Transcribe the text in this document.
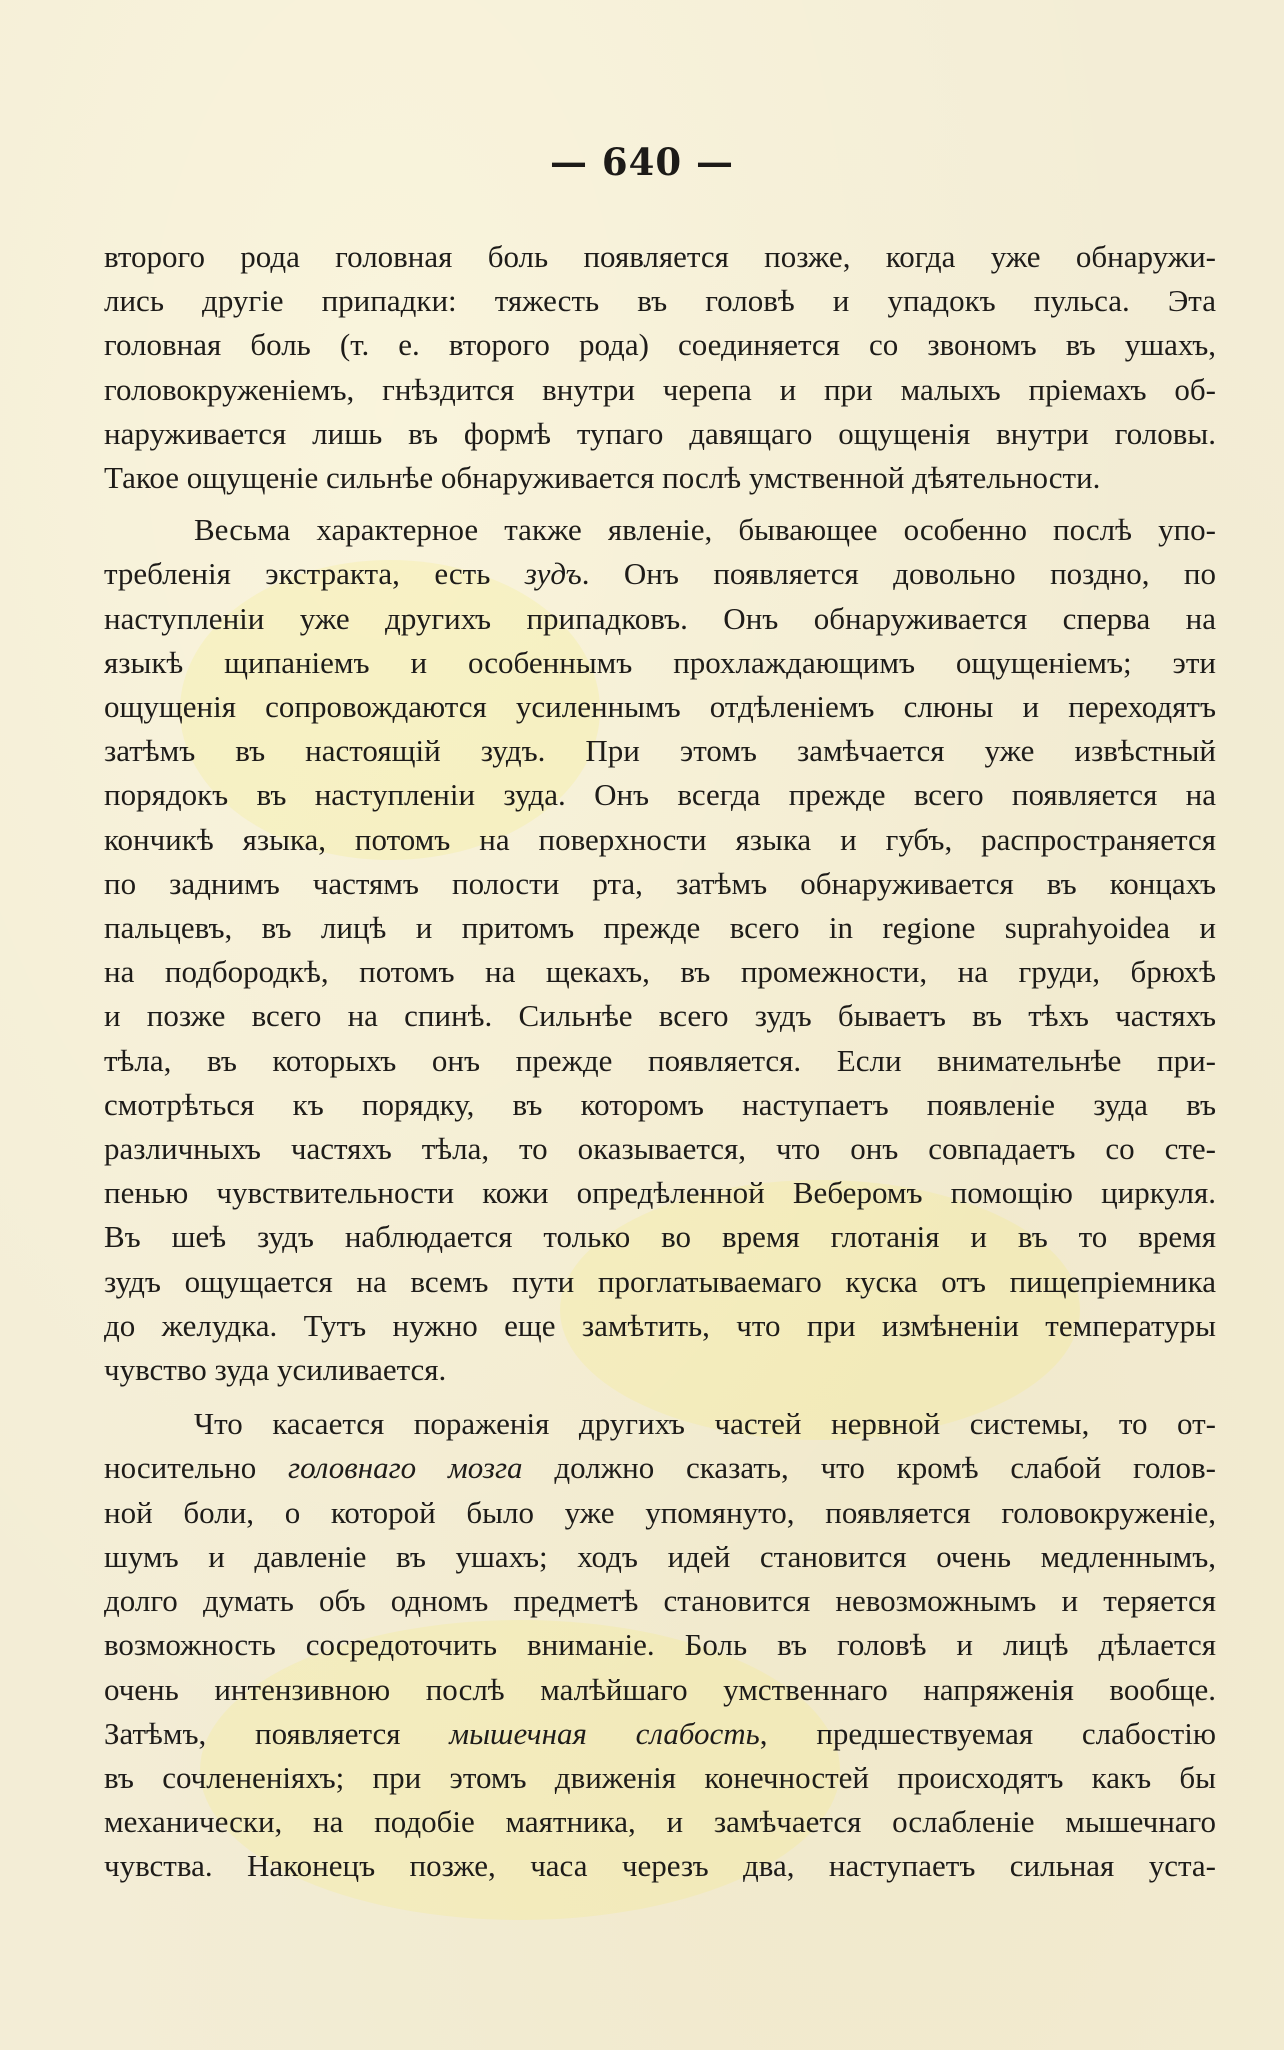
— 640 —

второго рода головная боль появляется позже, когда уже обнаружи-

лись другіе припадки: тяжесть въ головѣ и упадокъ пульса. Эта

головная боль (т. е. второго рода) соединяется со звономъ въ ушахъ,

головокруженіемъ, гнѣздится внутри черепа и при малыхъ пріемахъ об-

наруживается лишь въ формѣ тупаго давящаго ощущенія внутри головы.

Такое ощущеніе сильнѣе обнаруживается послѣ умственной дѣятельности.

Весьма характерное также явленіе, бывающее особенно послѣ упо-

требленія экстракта, есть зудъ. Онъ появляется довольно поздно, по

наступленіи уже другихъ припадковъ. Онъ обнаруживается сперва на

языкѣ щипаніемъ и особеннымъ прохлаждающимъ ощущеніемъ; эти

ощущенія сопровождаются усиленнымъ отдѣленіемъ слюны и переходятъ

затѣмъ въ настоящій зудъ. При этомъ замѣчается уже извѣстный

порядокъ въ наступленіи зуда. Онъ всегда прежде всего появляется на

кончикѣ языка, потомъ на поверхности языка и губъ, распространяется

по заднимъ частямъ полости рта, затѣмъ обнаруживается въ концахъ

пальцевъ, въ лицѣ и притомъ прежде всего in regione suprahyoidea и

на подбородкѣ, потомъ на щекахъ, въ промежности, на груди, брюхѣ

и позже всего на спинѣ. Сильнѣе всего зудъ бываетъ въ тѣхъ частяхъ

тѣла, въ которыхъ онъ прежде появляется. Если внимательнѣе при-

смотрѣться къ порядку, въ которомъ наступаетъ появленіе зуда въ

различныхъ частяхъ тѣла, то оказывается, что онъ совпадаетъ со сте-

пенью чувствительности кожи опредѣленной Веберомъ помощію циркуля.

Въ шеѣ зудъ наблюдается только во время глотанія и въ то время

зудъ ощущается на всемъ пути проглатываемаго куска отъ пищепріемника

до желудка. Тутъ нужно еще замѣтить, что при измѣненіи температуры

чувство зуда усиливается.

Что касается пораженія другихъ частей нервной системы, то от-

носительно головнаго мозга должно сказать, что кромѣ слабой голов-

ной боли, о которой было уже упомянуто, появляется головокруженіе,

шумъ и давленіе въ ушахъ; ходъ идей становится очень медленнымъ,

долго думать объ одномъ предметѣ становится невозможнымъ и теряется

возможность сосредоточить вниманіе. Боль въ головѣ и лицѣ дѣлается

очень интензивною послѣ малѣйшаго умственнаго напряженія вообще.

Затѣмъ, появляется мышечная слабость, предшествуемая слабостію

въ сочлененіяхъ; при этомъ движенія конечностей происходятъ какъ бы

механически, на подобіе маятника, и замѣчается ослабленіе мышечнаго

чувства. Наконецъ позже, часа черезъ два, наступаетъ сильная уста-
